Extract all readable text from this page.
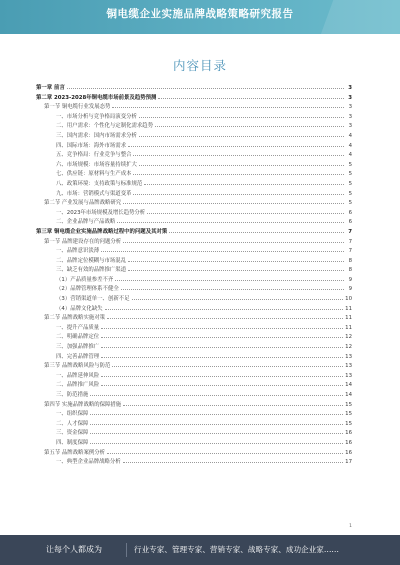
铜电缆企业实施品牌战略策略研究报告
内容目录
第一章 前言	3
第二章 2023-2028年铜电缆市场前景及趋势预测	3
第一节 铜电缆行业发展态势	3
一、市场分析与竞争格局演变分析	3
二、用户需求：个性化与定制化需求趋势	3
三、国内需求：国内市场需求分析	4
四、国际市场：海外市场需求	4
五、竞争格局：行业竞争与整合	4
六、市场规模：市场容量持续扩大	5
七、供应链：原材料与生产成本	5
八、政策环境：支持政策与标准规范	5
九、市场：营销模式与渠道变革	5
第二节 产业发展与品牌战略研究	5
一、2023年市场规模及增长趋势分析	6
二、企业品牌与产品战略	6
第三章 铜电缆企业实施品牌战略过程中的问题及其对策	7
第一节 品牌建设存在的问题分析	7
一、品牌意识淡薄	7
二、品牌定位模糊与市场混乱	8
三、缺乏有效的品牌推广渠道	8
（1）产品质量参差不齐	9
（2）品牌管理体系不健全	9
（3）营销渠道单一、创新不足	10
（4）品牌文化缺失	11
第二节 品牌战略实施对策	11
一、提升产品质量	11
二、明确品牌定位	12
三、加强品牌推广	12
四、完善品牌管理	13
第三节 品牌战略风险与防范	13
一、品牌延伸风险	13
二、品牌推广风险	14
三、防范措施	14
第四节 实施品牌战略的保障措施	15
一、组织保障	15
二、人才保障	15
三、资金保障	16
四、制度保障	16
第五节 品牌战略案例分析	16
一、典型企业品牌战略分析	17
1
让每个人都成为	行业专家、管理专家、营销专家、战略专家、成功企业家……
